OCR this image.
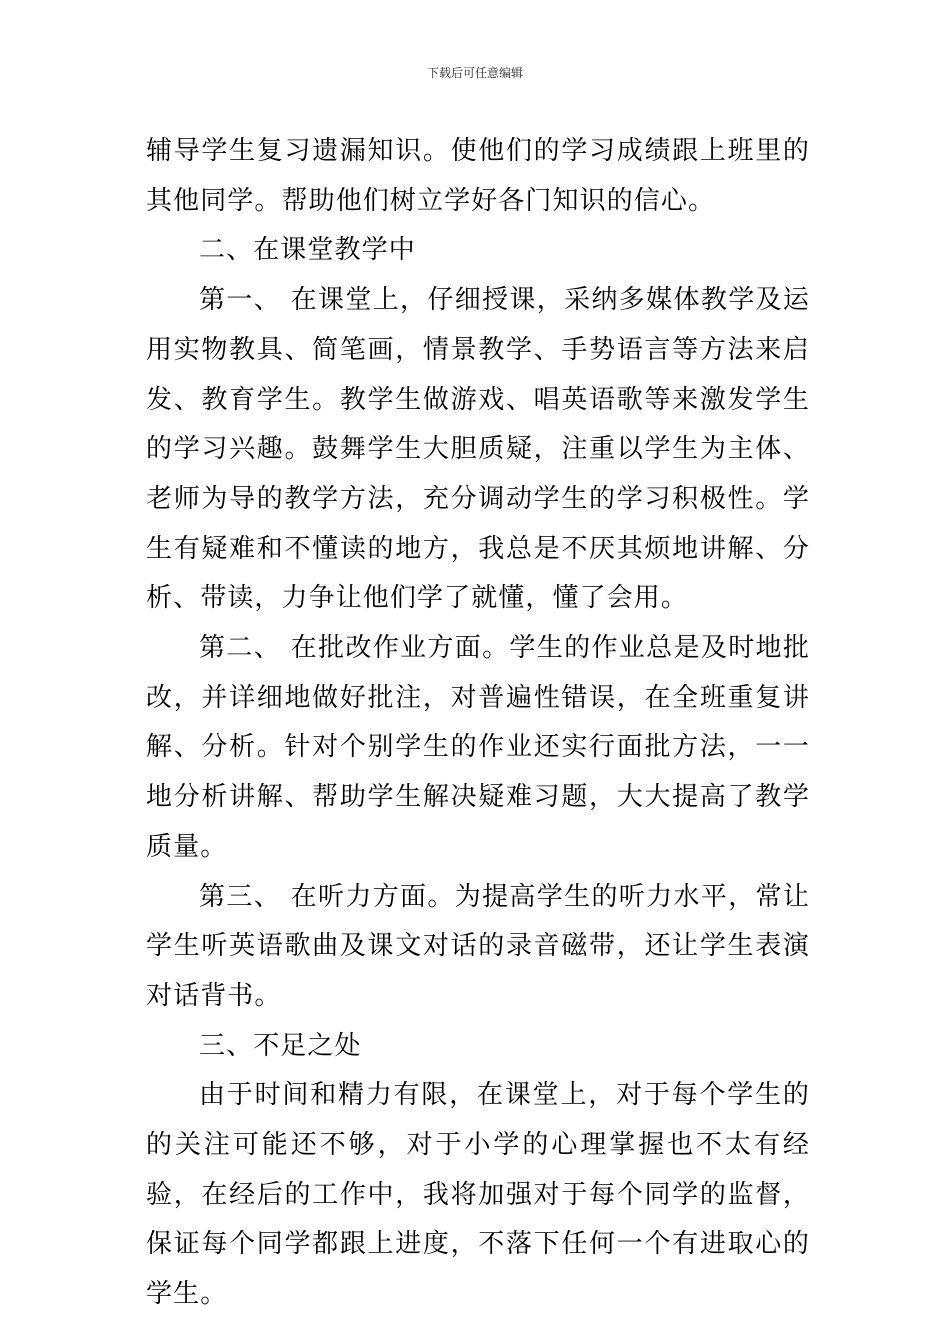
下载后可任意编辑

辅导学生复习遗漏知识。使他们的学习成绩跟上班里的其他同学。帮助他们树立学好各门知识的信心。

二、在课堂教学中

第一、 在课堂上，仔细授课，采纳多媒体教学及运用实物教具、简笔画，情景教学、手势语言等方法来启发、教育学生。教学生做游戏、唱英语歌等来激发学生的学习兴趣。鼓舞学生大胆质疑，注重以学生为主体、老师为导的教学方法，充分调动学生的学习积极性。学生有疑难和不懂读的地方，我总是不厌其烦地讲解、分析、带读，力争让他们学了就懂，懂了会用。

第二、 在批改作业方面。学生的作业总是及时地批改，并详细地做好批注，对普遍性错误，在全班重复讲解、分析。针对个别学生的作业还实行面批方法，一一地分析讲解、帮助学生解决疑难习题，大大提高了教学质量。

第三、 在听力方面。为提高学生的听力水平，常让学生听英语歌曲及课文对话的录音磁带，还让学生表演对话背书。

三、不足之处

由于时间和精力有限，在课堂上，对于每个学生的的关注可能还不够，对于小学的心理掌握也不太有经验，在经后的工作中，我将加强对于每个同学的监督，保证每个同学都跟上进度，不落下任何一个有进取心的学生。
